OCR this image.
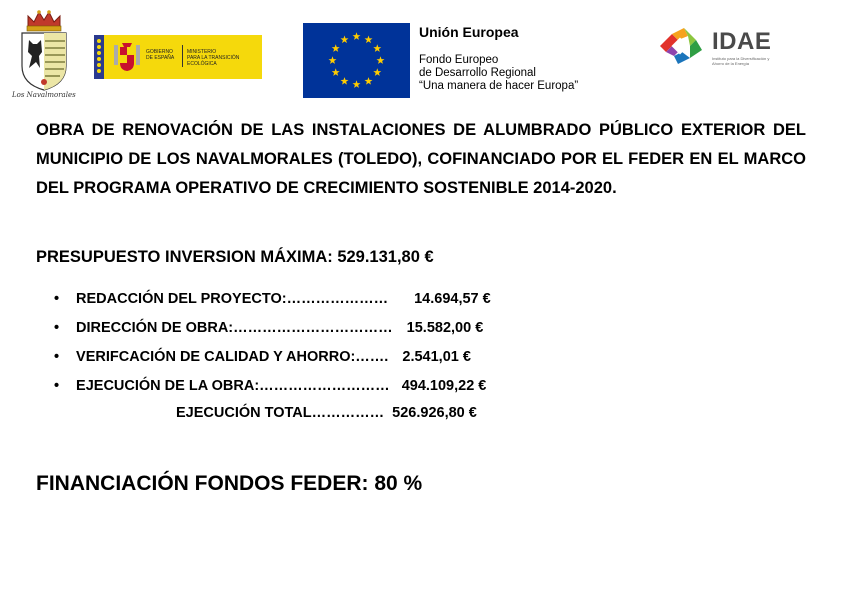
Los Navalmorales
GOBIERNO
DE ESPAÑA
MINISTERIO
PARA LA TRANSICIÓN ECOLÓGICA
Unión Europea
Fondo Europeo
de Desarrollo Regional
“Una manera de hacer Europa”
IDAE
Instituto para la Diversificación y Ahorro de la Energía
OBRA DE RENOVACIÓN DE LAS INSTALACIONES DE ALUMBRADO PÚBLICO EXTERIOR DEL MUNICIPIO DE LOS NAVALMORALES (TOLEDO), COFINANCIADO POR EL FEDER EN EL MARCO DEL PROGRAMA OPERATIVO DE CRECIMIENTO SOSTENIBLE 2014-2020.
PRESUPUESTO INVERSION MÁXIMA: 529.131,80 €
• REDACCIÓN DEL PROYECTO:………………… 14.694,57 €
• DIRECCIÓN DE OBRA:…………………………… 15.582,00 €
• VERIFCACIÓN DE CALIDAD Y AHORRO:……. 2.541,01 €
• EJECUCIÓN DE LA OBRA:……………………… 494.109,22 €
EJECUCIÓN TOTAL…………… 526.926,80 €
FINANCIACIÓN FONDOS FEDER: 80 %
